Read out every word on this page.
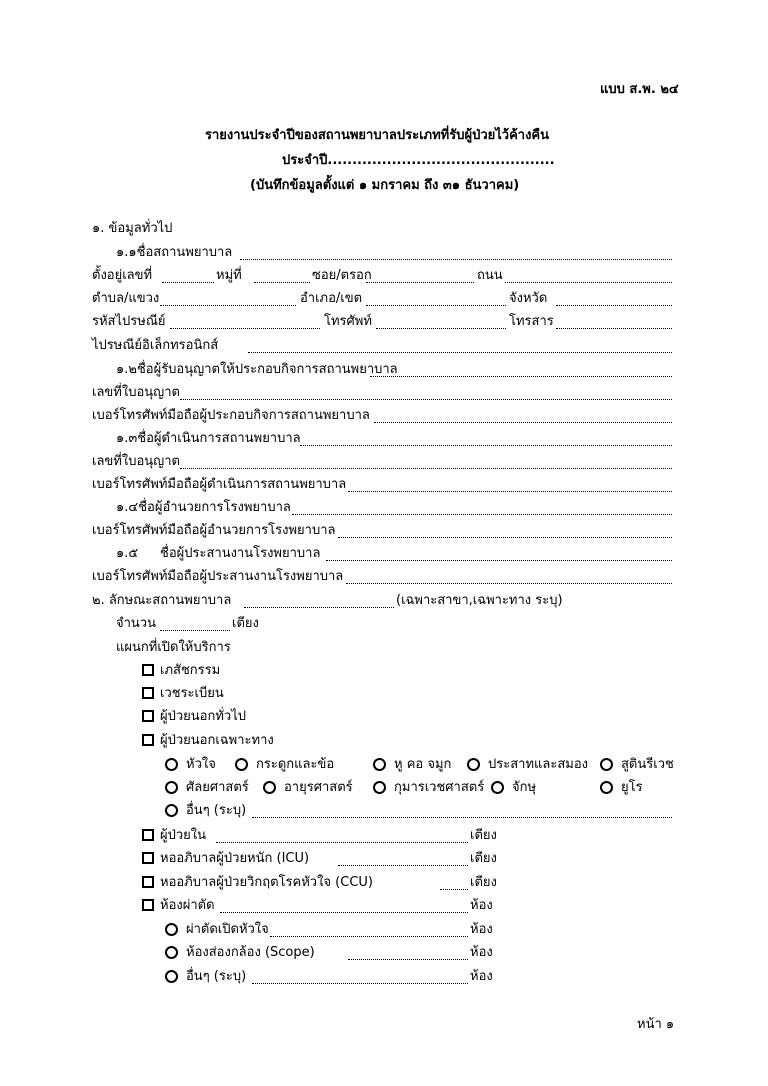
แบบ ส.พ. ๒๔
รายงานประจำปีของสถานพยาบาลประเภทที่รับผู้ป่วยไว้ค้างคืน
ประจำปี..............................................
(บันทึกข้อมูลตั้งแต่ ๑ มกราคม ถึง ๓๑ ธันวาคม)
๑. ข้อมูลทั่วไป
๑.๑ชื่อสถานพยาบาล
ตั้งอยู่เลขที่	หมู่ที่	ซอย/ตรอก	ถนน
ตำบล/แขวง	อำเภอ/เขต	จังหวัด
รหัสไปรษณีย์	โทรศัพท์	โทรสาร
ไปรษณีย์อิเล็กทรอนิกส์
๑.๒ชื่อผู้รับอนุญาตให้ประกอบกิจการสถานพยาบาล
เลขที่ใบอนุญาต
เบอร์โทรศัพท์มือถือผู้ประกอบกิจการสถานพยาบาล
๑.๓ชื่อผู้ดำเนินการสถานพยาบาล
เลขที่ใบอนุญาต
เบอร์โทรศัพท์มือถือผู้ดำเนินการสถานพยาบาล
๑.๔ชื่อผู้อำนวยการโรงพยาบาล
เบอร์โทรศัพท์มือถือผู้อำนวยการโรงพยาบาล
๑.๕ ชื่อผู้ประสานงานโรงพยาบาล
เบอร์โทรศัพท์มือถือผู้ประสานงานโรงพยาบาล
๒. ลักษณะสถานพยาบาล	(เฉพาะสาขา,เฉพาะทาง ระบุ)
จำนวน	เตียง
แผนกที่เปิดให้บริการ
เภสัชกรรม
เวชระเบียน
ผู้ป่วยนอกทั่วไป
ผู้ป่วยนอกเฉพาะทาง
หัวใจ	กระดูกและข้อ	หู คอ จมูก	ประสาทและสมอง	สูตินรีเวช
ศัลยศาสตร์	อายุรศาสตร์	กุมารเวชศาสตร์ จักษุ	ยูโร
อื่นๆ (ระบุ)
ผู้ป่วยใน	เตียง
หออภิบาลผู้ป่วยหนัก (ICU)	เตียง
หออภิบาลผู้ป่วยวิกฤตโรคหัวใจ (CCU)	เตียง
ห้องผ่าตัด	ห้อง
ผ่าตัดเปิดหัวใจ	ห้อง
ห้องส่องกล้อง (Scope)	ห้อง
อื่นๆ (ระบุ)	ห้อง
หน้า ๑
